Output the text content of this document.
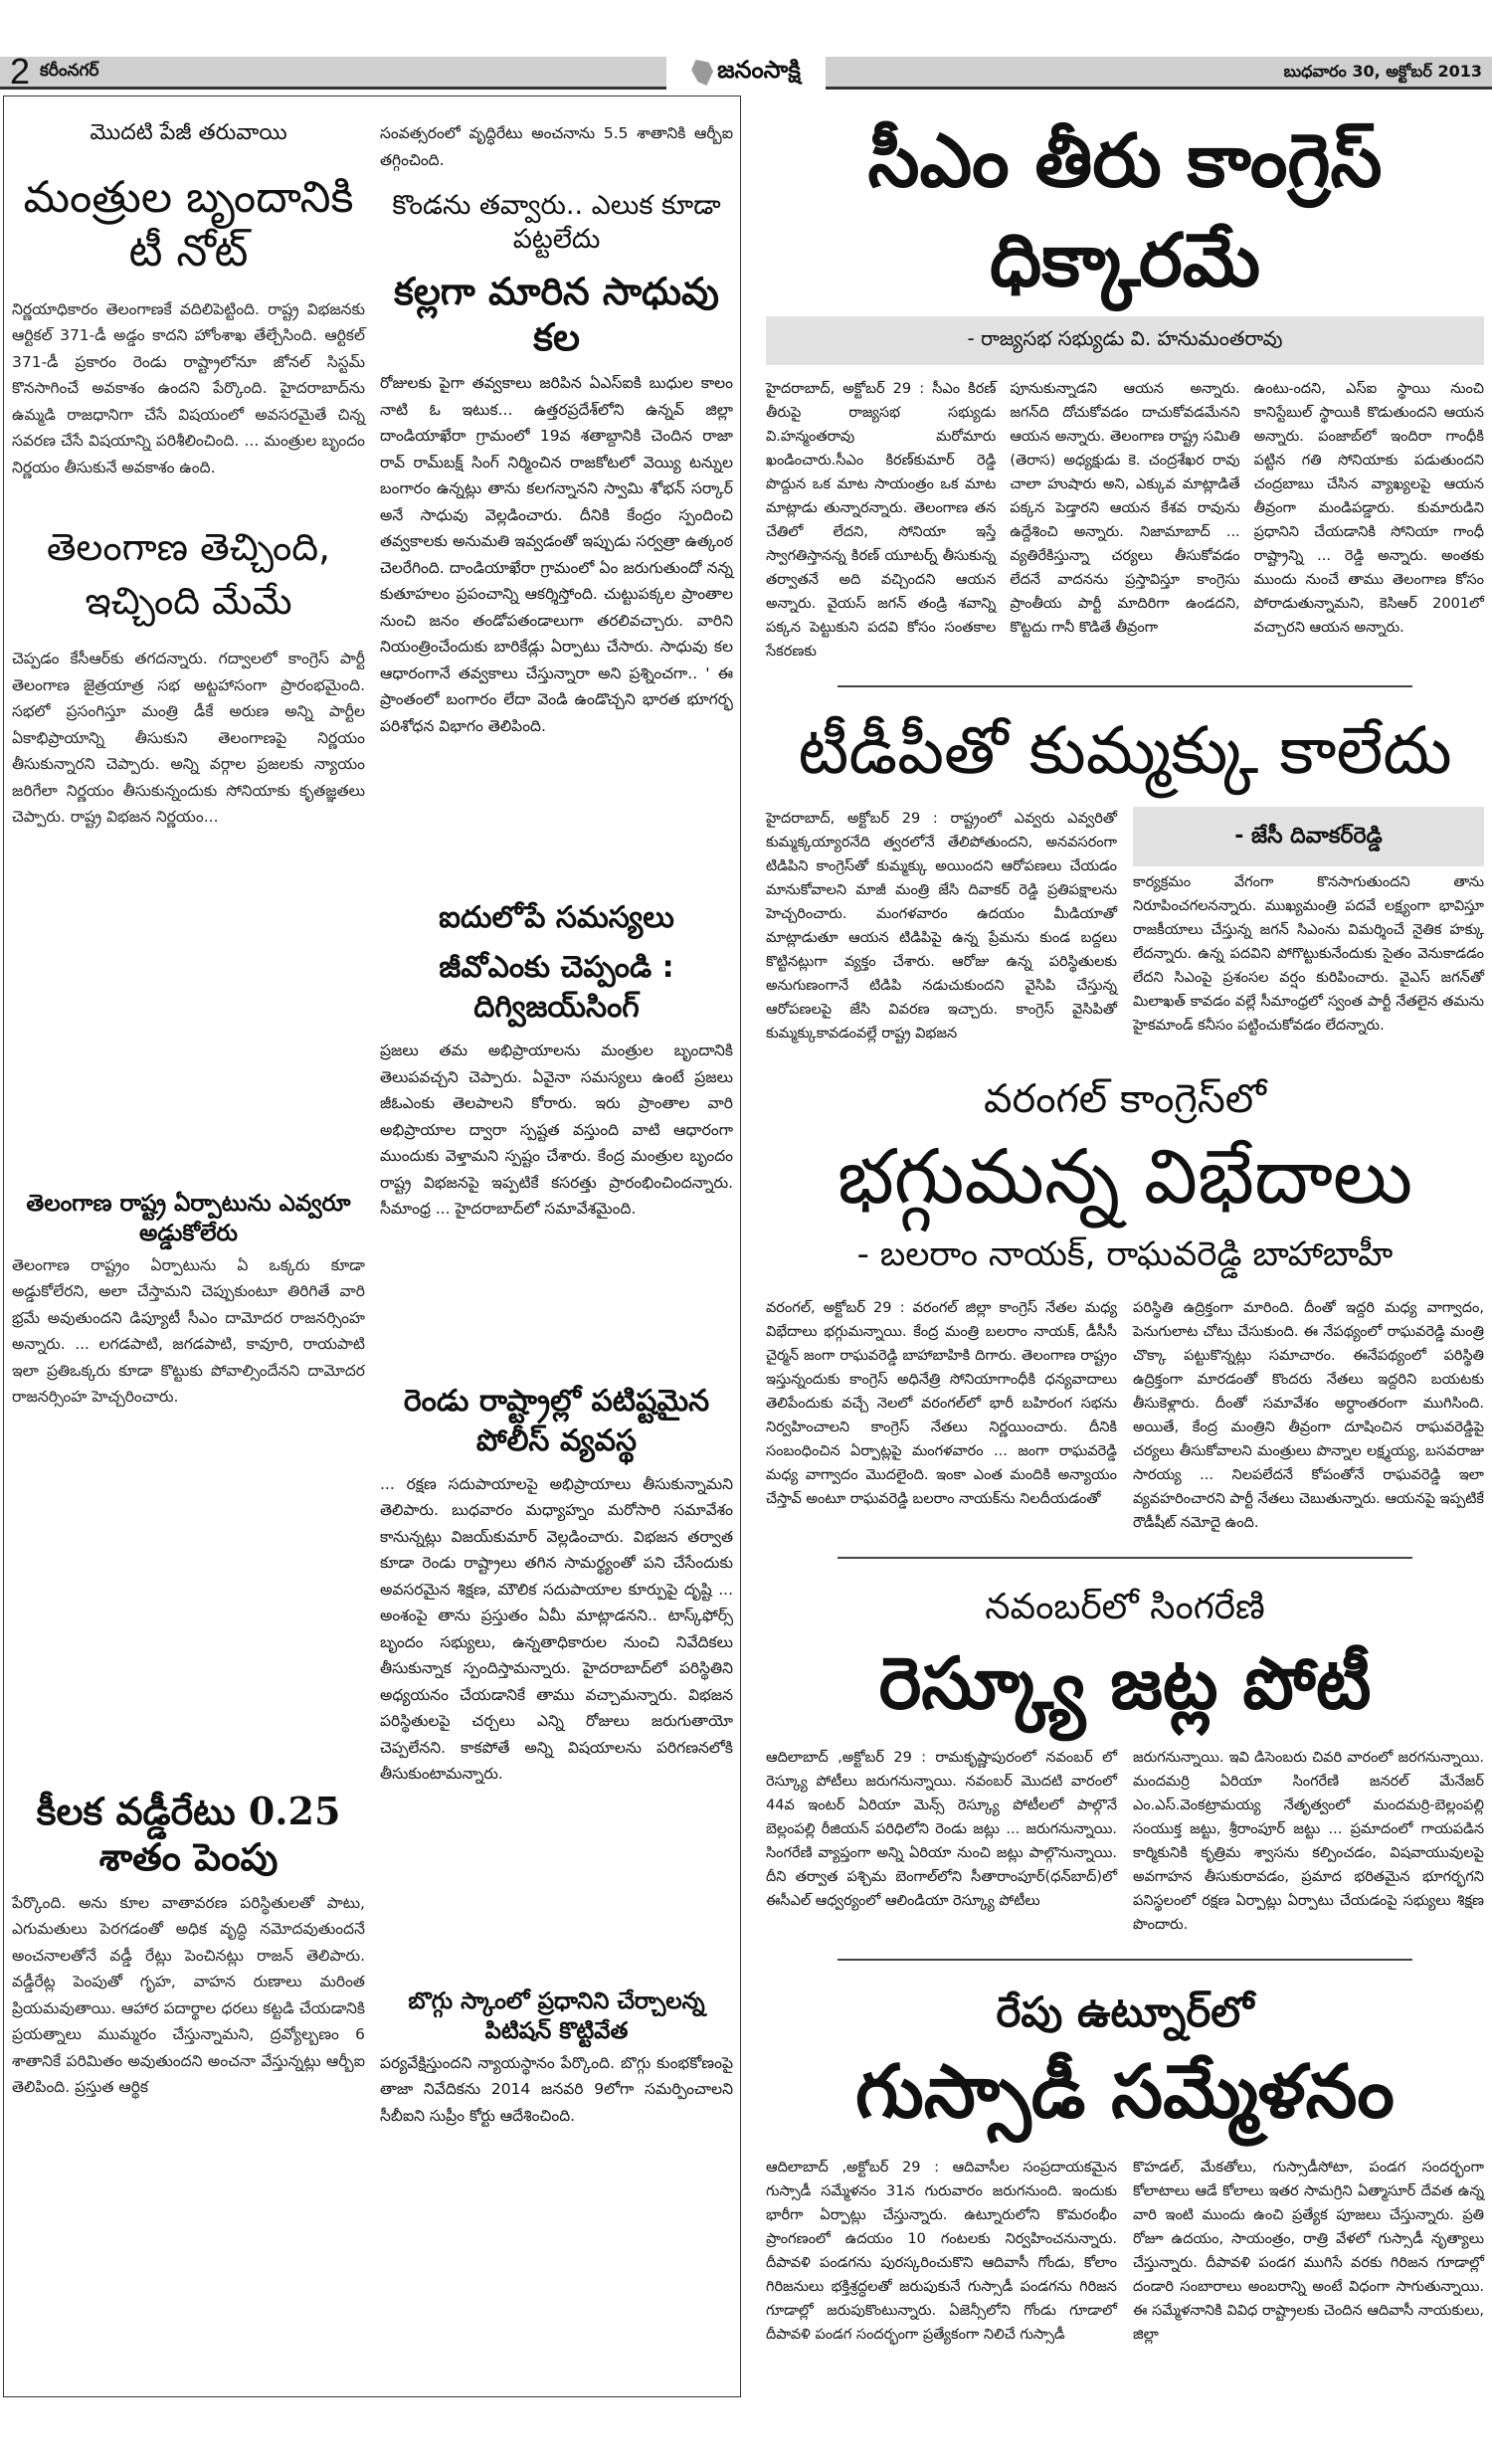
2 కరీంనగర్	జనంసాక్షి	బుధవారం 30, అక్టోబర్ 2013
మొదటి పేజీ తరువాయి
మంత్రుల బృందానికి టీ నోట్

నిర్ణయాధికారం తెలంగాణకే వదిలిపెట్టింది. రాష్ట్ర విభజనకు ఆర్టికల్ 371-డీ అడ్డం కాదని హోంశాఖ తేల్చేసింది. ఆర్టికల్ 371-డీ ప్రకారం రెండు రాష్ట్రాలోనూ జోనల్ సిస్టమ్ కొనసాగించే అవకాశం ఉందని పేర్కొంది. హైదరాబాద్‌ను ఉమ్మడి రాజధానిగా చేసే విషయంలో అవసరమైతే చిన్న సవరణ చేసే విషయాన్ని పరిశీలించింది. ... మంత్రుల బృందం నిర్ణయం తీసుకునే అవకాశం ఉంది.

తెలంగాణ తెచ్చింది, ఇచ్చింది మేమే

చెప్పడం కేసీఆర్‌కు తగదన్నారు. గద్వాలలో కాంగ్రెస్ పార్టీ తెలంగాణ జైత్రయాత్ర సభ అట్టహాసంగా ప్రారంభమైంది. సభలో ప్రసంగిస్తూ మంత్రి డీకే అరుణ అన్ని పార్టీల ఏకాభిప్రాయాన్ని తీసుకుని తెలంగాణపై నిర్ణయం తీసుకున్నారని చెప్పారు. అన్ని వర్గాల ప్రజలకు న్యాయం జరిగేలా నిర్ణయం తీసుకున్నందుకు సోనియాకు కృతజ్ఞతలు చెప్పారు. రాష్ట్ర విభజన నిర్ణయం...

తెలంగాణ రాష్ట్ర ఏర్పాటును ఎవ్వరూ అడ్డుకోలేరు

తెలంగాణ రాష్ట్రం ఏర్పాటును ఏ ఒక్కరు కూడా అడ్డుకోలేరని, అలా చేస్తామని చెప్పుకుంటూ తిరిగితే వారి భ్రమే అవుతుందని డిప్యూటీ సీఎం దామోదర రాజనర్సింహ అన్నారు. ... లగడపాటి, జగడపాటి, కావూరి, రాయపాటి ఇలా ప్రతిఒక్కరు కూడా కొట్టుకు పోవాల్సిందేనని దామోదర రాజనర్సింహ హెచ్చరించారు.

కీలక వడ్డీరేటు 0.25 శాతం పెంపు

పేర్కొంది. అను కూల వాతావరణ పరిస్థితులతో పాటు, ఎగుమతులు పెరగడంతో అధిక వృద్ధి నమోదవుతుందనే అంచనాలతోనే వడ్డీ రేట్లు పెంచినట్లు రాజన్ తెలిపారు. వడ్డీరేట్ల పెంపుతో గృహ, వాహన రుణాలు మరింత ప్రియమవుతాయి. ఆహార పదార్థాల ధరలు కట్టడి చేయడానికి ప్రయత్నాలు ముమ్మరం చేస్తున్నామని, ద్రవ్యోల్బణం 6 శాతానికే పరిమితం అవుతుందని అంచనా వేస్తున్నట్లు ఆర్బీఐ తెలిపింది. ప్రస్తుత ఆర్థిక

సంవత్సరంలో వృద్ధిరేటు అంచనాను 5.5 శాతానికి ఆర్బీఐ తగ్గించింది.

కొండను తవ్వారు.. ఎలుక కూడా పట్టలేదు
కల్లగా మారిన సాధువు కల

రోజులకు పైగా తవ్వకాలు జరిపిన ఏఎస్ఐకి బుధుల కాలం నాటి ఓ ఇటుక... ఉత్తరప్రదేశ్‌లోని ఉన్నవ్ జిల్లా దాండియాఖేరా గ్రామంలో 19వ శతాబ్దానికి చెందిన రాజా రావ్ రామ్‌బక్ష్ సింగ్ నిర్మించిన రాజకోటలో వెయ్యి టన్నుల బంగారం ఉన్నట్లు తాను కలగన్నానని స్వామి శోభన్ సర్కార్ అనే సాధువు వెల్లడించారు. దీనికి కేంద్రం స్పందించి తవ్వకాలకు అనుమతి ఇవ్వడంతో ఇప్పుడు సర్వత్రా ఉత్కంఠ చెలరేగింది. దాండియాఖేరా గ్రామంలో ఏం జరుగుతుందో నన్న కుతూహలం ప్రపంచాన్ని ఆకర్శిస్తోంది. చుట్టుపక్కల ప్రాంతాల నుంచి జనం తండోపతండాలుగా తరలివచ్చారు. వారిని నియంత్రించేందుకు బారికేడ్లు ఏర్పాటు చేసారు. సాధువు కల ఆధారంగానే తవ్వకాలు చేస్తున్నారా అని ప్రశ్నించగా.. ' ఈ ప్రాంతంలో బంగారం లేదా వెండి ఉండొచ్చని భారత భూగర్భ పరిశోధన విభాగం తెలిపింది.

ఐదులోపే సమస్యలు
జీవోఎంకు చెప్పండి : దిగ్విజయ్‌సింగ్

ప్రజలు తమ అభిప్రాయాలను మంత్రుల బృందానికి తెలుపవచ్చని చెప్పారు. ఏవైనా సమస్యలు ఉంటే ప్రజలు జీఓఎంకు తెలపాలని కోరారు. ఇరు ప్రాంతాల వారి అభిప్రాయాల ద్వారా స్పష్టత వస్తుంది వాటి ఆధారంగా ముందుకు వెళ్తామని స్పష్టం చేశారు. కేంద్ర మంత్రుల బృందం రాష్ట్ర విభజనపై ఇప్పటికే కసరత్తు ప్రారంభించిందన్నారు. సీమాంధ్ర ... హైదరాబాద్‌లో సమావేశమైంది.

రెండు రాష్ట్రాల్లో పటిష్టమైన పోలీస్ వ్యవస్థ

... రక్షణ సదుపాయాలపై అభిప్రాయాలు తీసుకున్నామని తెలిపారు. బుధవారం మధ్యాహ్నం మరోసారి సమావేశం కానున్నట్లు విజయ్‌కుమార్ వెల్లడించారు. విభజన తర్వాత కూడా రెండు రాష్ట్రాలు తగిన సామర్థ్యంతో పని చేసేందుకు అవసరమైన శిక్షణ, మౌలిక సదుపాయాల కూర్పుపై దృష్టి ... అంశంపై తాను ప్రస్తుతం ఏమీ మాట్లాడనని.. టాస్క్‌ఫోర్స్ బృందం సభ్యులు, ఉన్నతాధికారుల నుంచి నివేదికలు తీసుకున్నాక స్పందిస్తామన్నారు. హైదరాబాద్‌లో పరిస్థితిని అధ్యయనం చేయడానికే తాము వచ్చామన్నారు. విభజన పరిస్థితులపై చర్చలు ఎన్ని రోజులు జరుగుతాయో చెప్పలేనని. కాకపోతే అన్ని విషయాలను పరిగణనలోకి తీసుకుంటామన్నారు.

బొగ్గు స్కాంలో ప్రధానిని చేర్చాలన్న పిటిషన్ కొట్టివేత

పర్యవేక్షిస్తుందని న్యాయస్థానం పేర్కొంది. బొగ్గు కుంభకోణంపై తాజా నివేదికను 2014 జనవరి 9లోగా సమర్పించాలని సీబీఐని సుప్రీం కోర్టు ఆదేశించింది.

సీఎం తీరు కాంగ్రెస్ ధిక్కారమే
- రాజ్యసభ సభ్యుడు వి. హనుమంతరావు

హైదరాబాద్, అక్టోబర్ 29 : సీఎం కిరణ్ తీరుపై రాజ్యసభ సభ్యుడు వి.హన్మంతరావు మరోమారు ఖండించారు.సీఎం కిరణ్‌కుమార్ రెడ్డి పొద్దున ఒక మాట సాయంత్రం ఒక మాట మాట్లాడు తున్నారన్నారు. తెలంగాణ తన చేతిలో లేదని, సోనియా ఇస్తే స్వాగతిస్తానన్న కిరణ్ యూటర్న్ తీసుకున్న తర్వాతనే అది వచ్చిందని ఆయన అన్నారు. వైయస్ జగన్ తండ్రి శవాన్ని పక్కన పెట్టుకుని పదవి కోసం సంతకాల సేకరణకు

పూనుకున్నాడని ఆయన అన్నారు. జగన్‌ది దోచుకోవడం దాచుకోవడమేనని ఆయన అన్నారు. తెలంగాణ రాష్ట్ర సమితి (తెరాస) అధ్యక్షుడు కె. చంద్రశేఖర రావు చాలా హుషారు అని, ఎక్కువ మాట్లాడితే పక్కన పెడ్తారని ఆయన కేశవ రావును ఉద్దేశించి అన్నారు. నిజామాబాద్ ... వ్యతిరేకిస్తున్నా చర్యలు తీసుకోవడం లేదనే వాదనను ప్రస్తావిస్తూ కాంగ్రెసు ప్రాంతీయ పార్టీ మాదిరిగా ఉండదని, కొట్టదు గానీ కొడితే తీవ్రంగా

ఉంటు-ందని, ఎస్ఐ స్థాయి నుంచి కానిస్టేబుల్ స్థాయికి కొడుతుందని ఆయన అన్నారు. పంజాబ్‌లో ఇందిరా గాంధీకి పట్టిన గతి సోనియాకు పడుతుందని చంద్రబాబు చేసిన వ్యాఖ్యలపై ఆయన తీవ్రంగా మండిపడ్డారు. కుమారుడిని ప్రధానిని చేయడానికి సోనియా గాంధీ రాష్ట్రాన్ని ... రెడ్డి అన్నారు. అంతకు ముందు నుంచే తాము తెలంగాణ కోసం పోరాడుతున్నామని, కెసిఆర్ 2001లో వచ్చారని ఆయన అన్నారు.

టీడీపీతో కుమ్మక్కు కాలేదు

హైదరాబాద్, అక్టోబర్ 29 : రాష్ట్రంలో ఎవ్వరు ఎవ్వరితో కుమ్మక్కయ్యారనేది త్వరలోనే తేలిపోతుందని, అనవసరంగా టిడిపిని కాంగ్రెస్‌తో కుమ్మక్కు అయిందని ఆరోపణలు చేయడం మానుకోవాలని మాజీ మంత్రి జేసి దివాకర్ రెడ్డి ప్రతిపక్షాలను హెచ్చరించారు. మంగళవారం ఉదయం మీడియాతో మాట్లాడుతూ ఆయన టిడిపిపై ఉన్న ప్రేమను కుండ బద్దలు కొట్టినట్లుగా వ్యక్తం చేశారు. ఆరోజు ఉన్న పరిస్థితులకు అనుగుణంగానే టిడిపి నడుచుకుందని వైసిపి చేస్తున్న ఆరోపణలపై జేసి వివరణ ఇచ్చారు. కాంగ్రెస్ వైసిపితో కుమ్మక్కుకావడంవల్లే రాష్ట్ర విభజన

- జేసీ దివాకర్‌రెడ్డి

కార్యక్రమం వేగంగా కొనసాగుతుందని తాను నిరూపించగలనన్నారు. ముఖ్యమంత్రి పదవే లక్ష్యంగా భావిస్తూ రాజకీయాలు చేస్తున్న జగన్ సిఎంను విమర్శించే నైతిక హక్కు లేదన్నారు. ఉన్న పదవిని పోగొట్టుకునేందుకు సైతం వెనుకాడడం లేదని సిఎంపై ప్రశంసల వర్షం కురిపించారు. వైఎస్ జగన్‌తో మిలాఖత్ కావడం వల్లే సీమాంధ్రలో స్వంత పార్టీ నేతలైన తమను హైకమాండ్ కనీసం పట్టించుకోవడం లేదన్నారు.

వరంగల్ కాంగ్రెస్‌లో
భగ్గుమన్న విభేదాలు
- బలరాం నాయక్, రాఘవరెడ్డి బాహాబాహీ

వరంగల్, అక్టోబర్ 29 : వరంగల్ జిల్లా కాంగ్రెస్ నేతల మధ్య విభేదాలు భగ్గుమన్నాయి. కేంద్ర మంత్రి బలరాం నాయక్, డీసీసీ చైర్మన్ జంగా రాఘవరెడ్డి బాహాబాహికి దిగారు. తెలంగాణ రాష్ట్రం ఇస్తున్నందుకు కాంగ్రెస్ అధినేత్రి సోనియాగాంధీకి ధన్యవాదాలు తెలిపేందుకు వచ్చే నెలలో వరంగల్‌లో భారీ బహిరంగ సభను నిర్వహించాలని కాంగ్రెస్ నేతలు నిర్ణయించారు. దీనికి సంబంధించిన ఏర్పాట్లపై మంగళవారం ... జంగా రాఘవరెడ్డి మధ్య వాగ్వాదం మొదలైంది. ఇంకా ఎంత మందికి అన్యాయం చేస్తావ్ అంటూ రాఘవరెడ్డి బలరాం నాయక్‌ను నిలదీయడంతో

పరిస్థితి ఉద్రిక్తంగా మారింది. దీంతో ఇద్దరి మధ్య వాగ్వాదం, పెనుగులాట చోటు చేసుకుంది. ఈ నేపథ్యంలో రాఘవరెడ్డి మంత్రి చొక్కా పట్టుకొన్నట్లు సమాచారం. ఈనేపథ్యంలో పరిస్థితి ఉద్రిక్తంగా మారడంతో కొందరు నేతలు ఇద్దరిని బయటకు తీసుకెళ్లారు. దీంతో సమావేశం అర్ధాంతరంగా ముగిసింది. అయితే, కేంద్ర మంత్రిని తీవ్రంగా దూషించిన రాఘవరెడ్డిపై చర్యలు తీసుకోవాలని మంత్రులు పొన్నాల లక్ష్మయ్య, బసవరాజు సారయ్య ... నిలపలేదనే కోపంతోనే రాఘవరెడ్డి ఇలా వ్యవహరించారని పార్టీ నేతలు చెబుతున్నారు. ఆయనపై ఇప్పటికే రౌడీషీట్ నమోదై ఉంది.

నవంబర్‌లో సింగరేణి
రెస్క్యూ జట్ల పోటీ

ఆదిలాబాద్ ,అక్టోబర్ 29 : రామకృష్ణాపురంలో నవంబర్ లో రెస్క్యూ పోటీలు జరుగనున్నాయి. నవంబర్ మొదటి వారంలో 44వ ఇంటర్ ఏరియా మెన్స్ రెస్క్యూ పోటీలలో పాల్గొనే బెల్లంపల్లి రీజియన్ పరిధిలోని రెండు జట్లు ... జరుగనున్నాయి. సింగరేణి వ్యాప్తంగా అన్ని ఏరియా నుంచి జట్లు పాల్గొనున్నాయి. దీని తర్వాత పశ్చిమ బెంగాల్‌లోని సీతారాంపూర్(ధన్‌బాద్)లో ఈసీఎల్ ఆధ్వర్యంలో ఆలిండియా రెస్క్యూ పోటీలు

జరుగనున్నాయి. ఇవి డిసెంబరు చివరి వారంలో జరగనున్నాయి. మందమర్రి ఏరియా సింగరేణి జనరల్ మేనేజర్ ఎం.ఎస్.వెంకట్రామయ్య నేతృత్వంలో మందమర్రి-బెల్లంపల్లి సంయుక్త జట్టు, శ్రీరాంపూర్ జట్టు ... ప్రమాదంలో గాయపడిన కార్మికునికి కృత్రిమ శ్వాసను కల్పించడం, విషవాయువులపై అవగాహన తీసుకురావడం, ప్రమాద భరితమైన భూగర్భగని పనిస్థలంలో రక్షణ ఏర్పాట్లు ఏర్పాటు చేయడంపై సభ్యులు శిక్షణ పొందారు.

రేపు ఉట్నూర్‌లో
గుస్సాడీ సమ్మేళనం

ఆదిలాబాద్ ,అక్టోబర్ 29 : ఆదివాసీల సంప్రదాయకమైన గుస్సాడీ సమ్మేళనం 31న గురువారం జరుగనుంది. ఇందుకు భారీగా ఏర్పాట్లు చేస్తున్నారు. ఉట్నూరులోని కొమరంభీం ప్రాంగణంలో ఉదయం 10 గంటలకు నిర్వహించనున్నారు. దీపావళి పండగను పురస్కరించుకొని ఆదివాసీ గోండు, కోలాం గిరిజనులు భక్తిశ్రద్ధలతో జరుపుకునే గుస్సాడీ పండగను గిరిజన గూడాల్లో జరుపుకొంటున్నారు. ఏజెన్సీలోని గోండు గూడాలో దీపావళి పండగ సందర్భంగా ప్రత్యేకంగా నిలిచే గుస్సాడీ

కొహడల్, మేకతోలు, గుస్సాడీసోటా, పండగ సందర్భంగా కోలాటాలు ఆడే కోలాలు ఇతర సామగ్రిని ఏత్మాసూర్ దేవత ఉన్న వారి ఇంటి ముందు ఉంచి ప్రత్యేక పూజలు చేస్తున్నారు. ప్రతి రోజూ ఉదయం, సాయంత్రం, రాత్రి వేళలో గుస్సాడీ నృత్యాలు చేస్తున్నారు. దీపావళి పండగ ముగిసే వరకు గిరిజన గూడాల్లో దండారి సంబారాలు అంబరాన్ని అంటే విధంగా సాగుతున్నాయి. ఈ సమ్మేళనానికి వివిధ రాష్ట్రాలకు చెందిన ఆదివాసీ నాయకులు, జిల్లా
